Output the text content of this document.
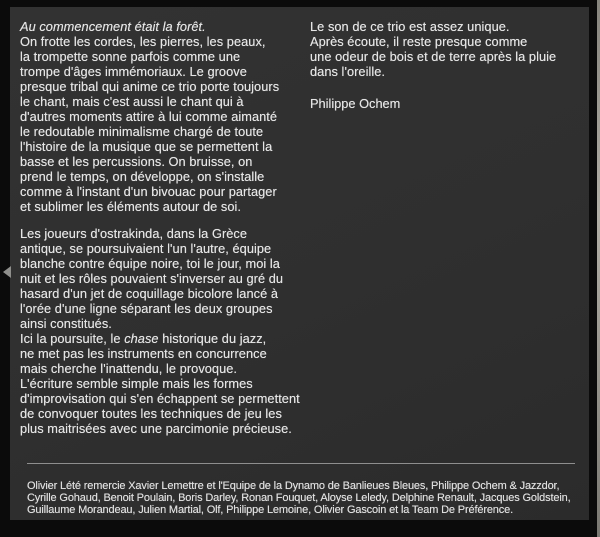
Au commencement était la forêt.
On frotte les cordes, les pierres, les peaux,
la trompette sonne parfois comme une
trompe d'âges immémoriaux. Le groove
presque tribal qui anime ce trio porte toujours
le chant, mais c'est aussi le chant qui à
d'autres moments attire à lui comme aimanté
le redoutable minimalisme chargé de toute
l'histoire de la musique que se permettent la
basse et les percussions. On bruisse, on
prend le temps, on développe, on s'installe
comme à l'instant d'un bivouac pour partager
et sublimer les éléments autour de soi.
Les joueurs d'ostrakinda, dans la Grèce
antique, se poursuivaient l'un l'autre, équipe
blanche contre équipe noire, toi le jour, moi la
nuit et les rôles pouvaient s'inverser au gré du
hasard d'un jet de coquillage bicolore lancé à
l'orée d'une ligne séparant les deux groupes
ainsi constitués.
Ici la poursuite, le chase historique du jazz,
ne met pas les instruments en concurrence
mais cherche l'inattendu, le provoque.
L'écriture semble simple mais les formes
d'improvisation qui s'en échappent se permettent
de convoquer toutes les techniques de jeu les
plus maitrisées avec une parcimonie précieuse.
Le son de ce trio est assez unique.
Après écoute, il reste presque comme
une odeur de bois et de terre après la pluie
dans l'oreille.
Philippe Ochem
Olivier Lété remercie Xavier Lemettre et l'Equipe de la Dynamo de Banlieues Bleues, Philippe Ochem & Jazzdor,
Cyrille Gohaud, Benoit Poulain, Boris Darley, Ronan Fouquet, Aloyse Leledy, Delphine Renault, Jacques Goldstein,
Guillaume Morandeau, Julien Martial, Olf, Philippe Lemoine, Olivier Gascoin et la Team De Préférence.
